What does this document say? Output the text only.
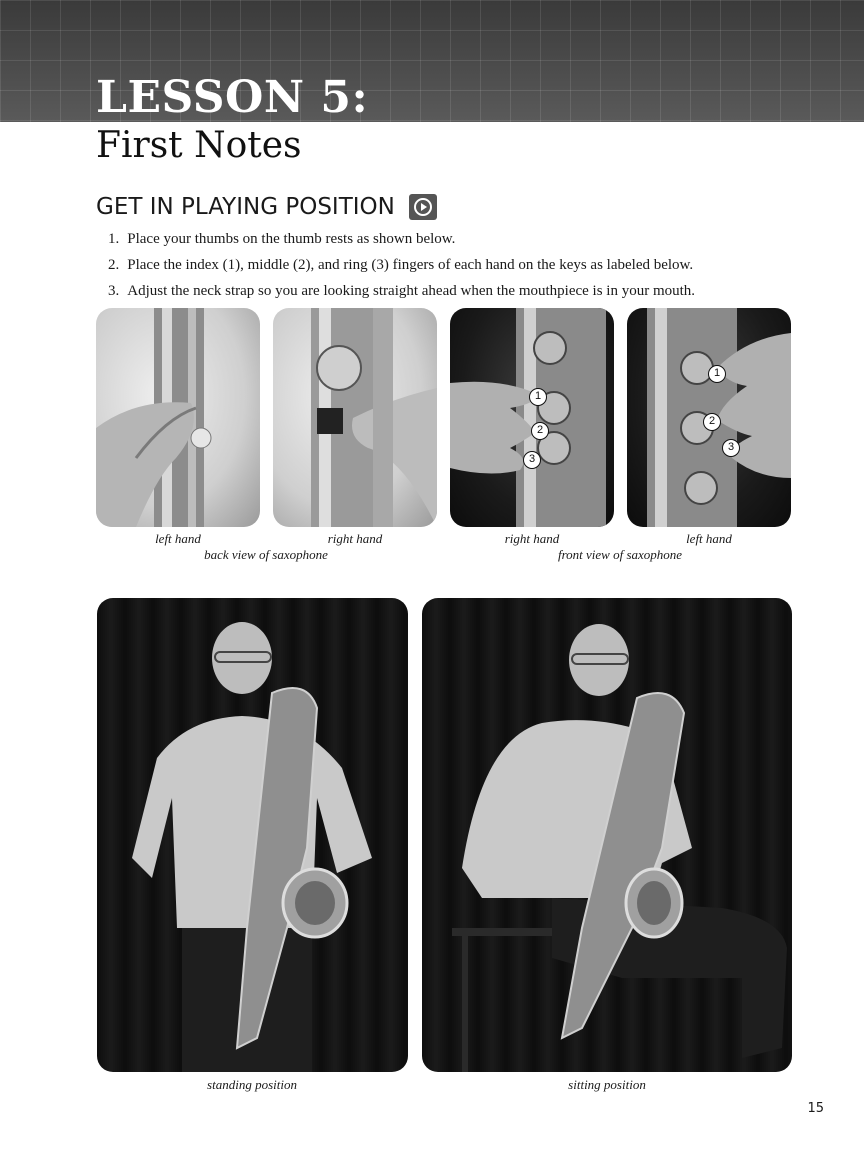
LESSON 5:
First Notes
GET IN PLAYING POSITION
1. Place your thumbs on the thumb rests as shown below.
2. Place the index (1), middle (2), and ring (3) fingers of each hand on the keys as labeled below.
3. Adjust the neck strap so you are looking straight ahead when the mouthpiece is in your mouth.
1
2
3
1
2
3
left hand	right hand	right hand	left hand
back view of saxophone	front view of saxophone
standing position	sitting position
15
